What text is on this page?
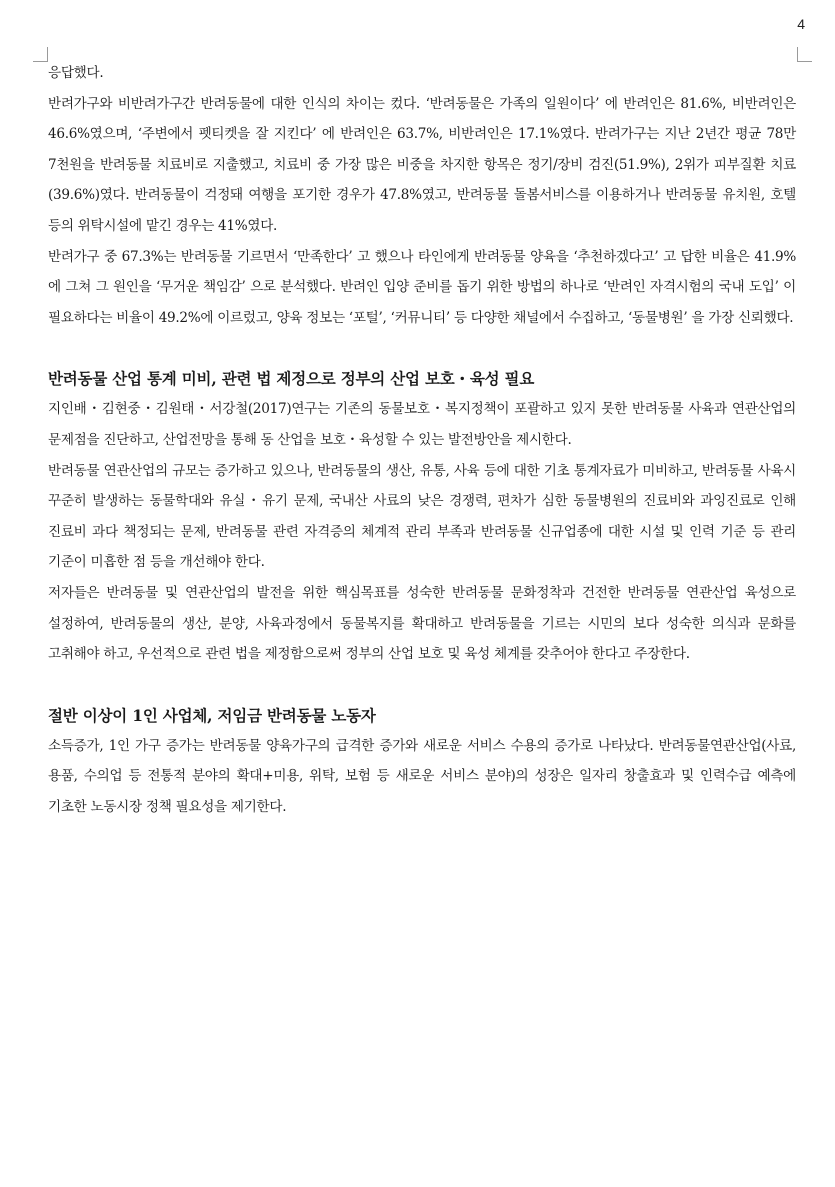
4

응답했다.

반려가구와 비반려가구간 반려동물에 대한 인식의 차이는 컸다. ‘반려동물은 가족의 일원이다’ 에 반려인은 81.6%, 비반려인은 46.6%였으며, ‘주변에서 펫티켓을 잘 지킨다’ 에 반려인은 63.7%, 비반려인은 17.1%였다. 반려가구는 지난 2년간 평균 78만 7천원을 반려동물 치료비로 지출했고, 치료비 중 가장 많은 비중을 차지한 항목은 정기/장비 검진(51.9%), 2위가 피부질환 치료(39.6%)였다. 반려동물이 걱정돼 여행을 포기한 경우가 47.8%였고, 반려동물 돌봄서비스를 이용하거나 반려동물 유치원, 호텔 등의 위탁시설에 맡긴 경우는 41%였다.

반려가구 중 67.3%는 반려동물 기르면서 ‘만족한다’ 고 했으나 타인에게 반려동물 양육을 ‘추천하겠다고’ 고 답한 비율은 41.9%에 그쳐 그 원인을 ‘무거운 책임감’ 으로 분석했다. 반려인 입양 준비를 돕기 위한 방법의 하나로 ‘반려인 자격시험의 국내 도입’ 이 필요하다는 비율이 49.2%에 이르렀고, 양육 정보는 ‘포털’, ‘커뮤니티’ 등 다양한 채널에서 수집하고, ‘동물병원’ 을 가장 신뢰했다.

반려동물 산업 통계 미비, 관련 법 제정으로 정부의 산업 보호・육성 필요

지인배・김현중・김원태・서강철(2017)연구는 기존의 동물보호・복지정책이 포괄하고 있지 못한 반려동물 사육과 연관산업의 문제점을 진단하고, 산업전망을 통해 동 산업을 보호・육성할 수 있는 발전방안을 제시한다.

반려동물 연관산업의 규모는 증가하고 있으나, 반려동물의 생산, 유통, 사육 등에 대한 기초 통계자료가 미비하고, 반려동물 사육시 꾸준히 발생하는 동물학대와 유실・유기 문제, 국내산 사료의 낮은 경쟁력, 편차가 심한 동물병원의 진료비와 과잉진료로 인해 진료비 과다 책정되는 문제, 반려동물 관련 자격증의 체계적 관리 부족과 반려동물 신규업종에 대한 시설 및 인력 기준 등 관리 기준이 미흡한 점 등을 개선해야 한다.

저자들은 반려동물 및 연관산업의 발전을 위한 핵심목표를 성숙한 반려동물 문화정착과 건전한 반려동물 연관산업 육성으로 설정하여, 반려동물의 생산, 분양, 사육과정에서 동물복지를 확대하고 반려동물을 기르는 시민의 보다 성숙한 의식과 문화를 고취해야 하고, 우선적으로 관련 법을 제정함으로써 정부의 산업 보호 및 육성 체계를 갖추어야 한다고 주장한다.

절반 이상이 1인 사업체, 저임금 반려동물 노동자

소득증가, 1인 가구 증가는 반려동물 양육가구의 급격한 증가와 새로운 서비스 수용의 증가로 나타났다. 반려동물연관산업(사료, 용품, 수의업 등 전통적 분야의 확대+미용, 위탁, 보험 등 새로운 서비스 분야)의 성장은 일자리 창출효과 및 인력수급 예측에 기초한 노동시장 정책 필요성을 제기한다.
